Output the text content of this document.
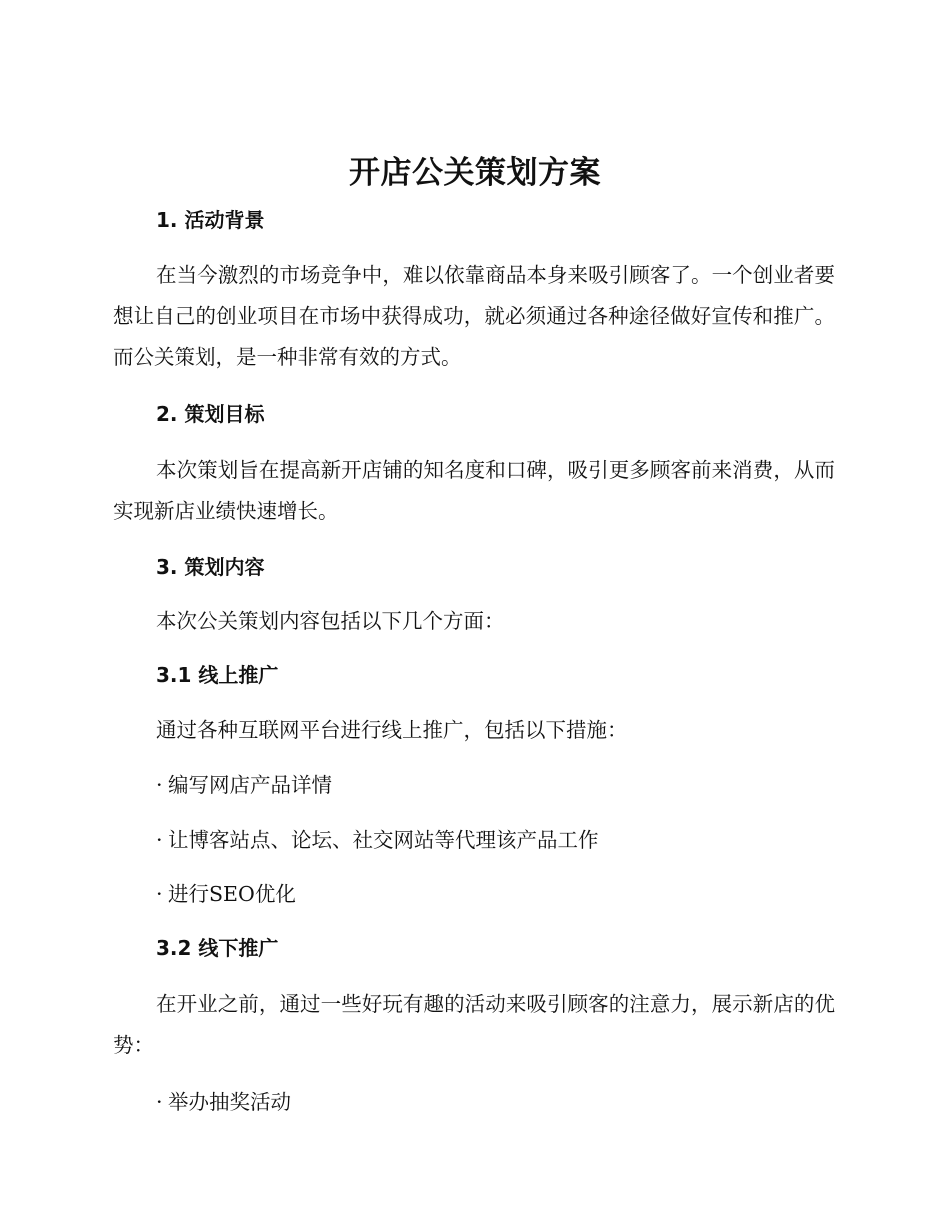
开店公关策划方案
1. 活动背景
在当今激烈的市场竞争中，难以依靠商品本身来吸引顾客了。一个创业者要想让自己的创业项目在市场中获得成功，就必须通过各种途径做好宣传和推广。而公关策划，是一种非常有效的方式。
2. 策划目标
本次策划旨在提高新开店铺的知名度和口碑，吸引更多顾客前来消费，从而实现新店业绩快速增长。
3. 策划内容
本次公关策划内容包括以下几个方面：
3.1 线上推广
通过各种互联网平台进行线上推广，包括以下措施：
· 编写网店产品详情
· 让博客站点、论坛、社交网站等代理该产品工作
· 进行SEO优化
3.2 线下推广
在开业之前，通过一些好玩有趣的活动来吸引顾客的注意力，展示新店的优势：
· 举办抽奖活动
